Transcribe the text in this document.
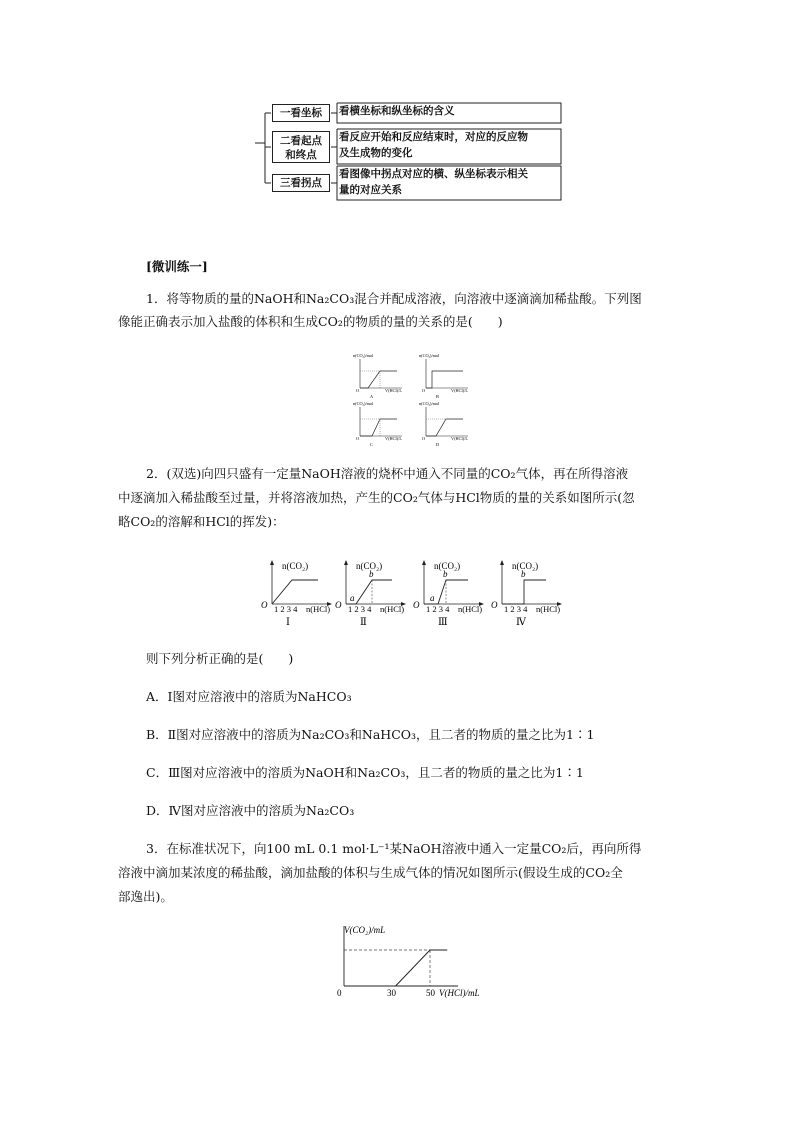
一看坐标
二看起点
和终点
三看拐点
看横坐标和纵坐标的含义
看反应开始和反应结束时，对应的反应物
及生成物的变化
看图像中拐点对应的横、纵坐标表示相关
量的对应关系
[微训练一]
1．将等物质的量的NaOH和Na₂CO₃混合并配成溶液，向溶液中逐滴滴加稀盐酸。下列图
像能正确表示加入盐酸的体积和生成CO₂的物质的量的关系的是(　　)
n(CO₂)/mol
O	V(HCl)/L
A
n(CO₂)/mol
O	V(HCl)/L
B
n(CO₂)/mol
O	V(HCl)/L
C
n(CO₂)/mol
O	V(HCl)/L
D
2．(双选)向四只盛有一定量NaOH溶液的烧杯中通入不同量的CO₂气体，再在所得溶液
中逐滴加入稀盐酸至过量，并将溶液加热，产生的CO₂气体与HCl物质的量的关系如图所示(忽
略CO₂的溶解和HCl的挥发)：
n(CO₂)
O 1 2 3 4 n(HCl)
Ⅰ
n(CO₂)
b
a
O 1 2 3 4 n(HCl)
Ⅱ
n(CO₂)
b
a
O 1 2 3 4 n(HCl)
Ⅲ
n(CO₂)
b
O 1 2 3 4 n(HCl)
Ⅳ
则下列分析正确的是(　　)
A．Ⅰ图对应溶液中的溶质为NaHCO₃
B．Ⅱ图对应溶液中的溶质为Na₂CO₃和NaHCO₃，且二者的物质的量之比为1∶1
C．Ⅲ图对应溶液中的溶质为NaOH和Na₂CO₃，且二者的物质的量之比为1∶1
D．Ⅳ图对应溶液中的溶质为Na₂CO₃
3．在标准状况下，向100 mL 0.1 mol·L⁻¹某NaOH溶液中通入一定量CO₂后，再向所得
溶液中滴加某浓度的稀盐酸，滴加盐酸的体积与生成气体的情况如图所示(假设生成的CO₂全
部逸出)。
V(CO₂)/mL
0	30	50 V(HCl)/mL
